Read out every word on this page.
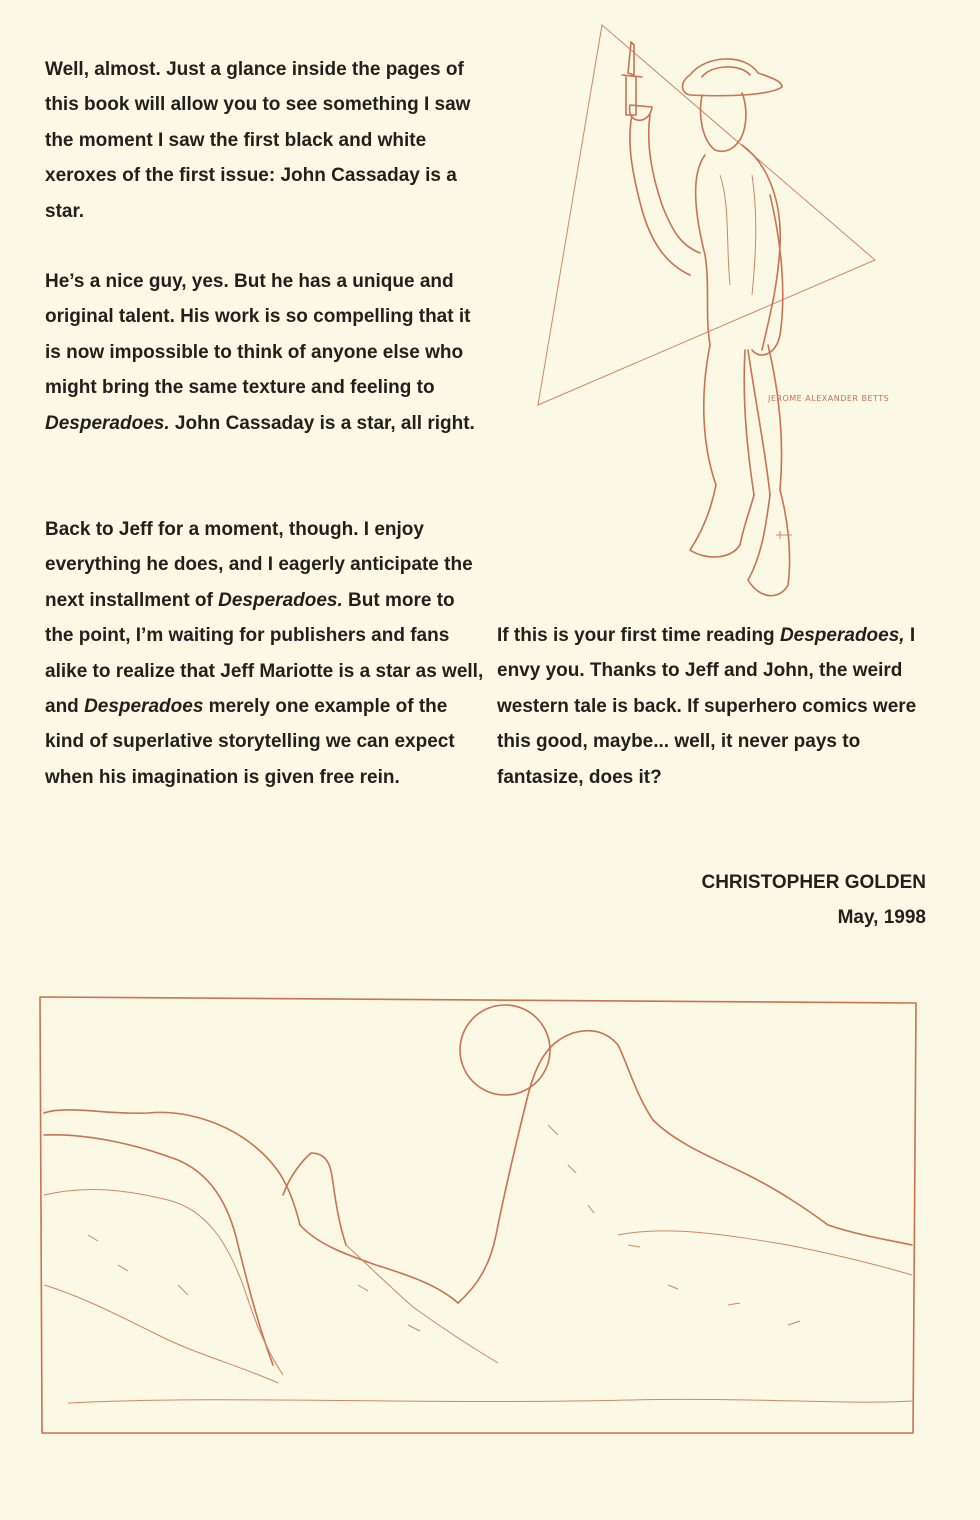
Well, almost. Just a glance inside the pages of this book will allow you to see something I saw the moment I saw the first black and white xeroxes of the first issue: John Cassaday is a star.

He’s a nice guy, yes. But he has a unique and original talent. His work is so compelling that it is now impossible to think of anyone else who might bring the same texture and feeling to Desperadoes. John Cassaday is a star, all right.

Back to Jeff for a moment, though. I enjoy everything he does, and I eagerly anticipate the next installment of Desperadoes. But more to the point, I’m waiting for publishers and fans alike to realize that Jeff Mariotte is a star as well, and Desperadoes merely one example of the kind of superlative storytelling we can expect when his imagination is given free rein.

If this is your first time reading Desperadoes, I envy you. Thanks to Jeff and John, the weird western tale is back. If superhero comics were this good, maybe... well, it never pays to fantasize, does it?

CHRISTOPHER GOLDEN

May, 1998

JEROME ALEXANDER BETTS
